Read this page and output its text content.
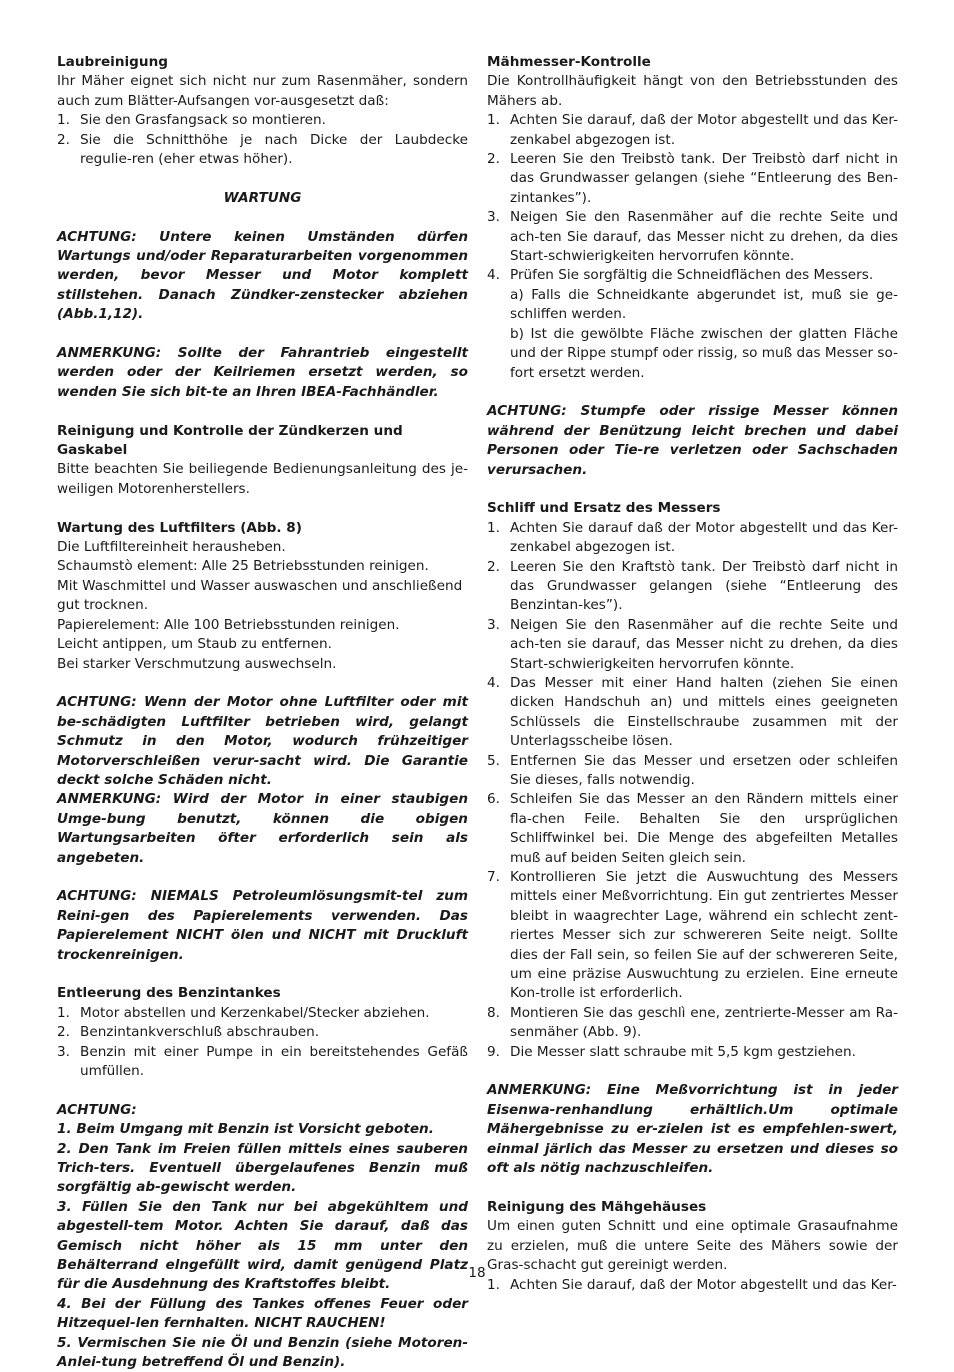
Laubreinigung

Ihr Mäher eignet sich nicht nur zum Rasenmäher, sondern auch zum Blätter-Aufsangen vor-ausgesetzt daß:

1. Sie den Grasfangsack so montieren.
2. Sie die Schnitthöhe je nach Dicke der Laubdecke regulie-ren (eher etwas höher).

WARTUNG

ACHTUNG: Untere keinen Umständen dürfen Wartungs und/oder Reparaturarbeiten vorgenommen werden, bevor Messer und Motor komplett stillstehen. Danach Zündker-zenstecker abziehen (Abb.1,12).

ANMERKUNG: Sollte der Fahrantrieb eingestellt werden oder der Keilriemen ersetzt werden, so wenden Sie sich bit-te an Ihren IBEA-Fachhändler.

Reinigung und Kontrolle der Zündkerzen und Gaskabel

Bitte beachten Sie beiliegende Bedienungsanleitung des je-weiligen Motorenherstellers.

Wartung des Luftfilters (Abb. 8)

Die Luftfiltereinheit herausheben.

Schaumstò element: Alle 25 Betriebsstunden reinigen.

Mit Waschmittel und Wasser auswaschen und anschließend gut trocknen.

Papierelement: Alle 100 Betriebsstunden reinigen.

Leicht antippen, um Staub zu entfernen.

Bei starker Verschmutzung auswechseln.

ACHTUNG: Wenn der Motor ohne Luftfilter oder mit be-schädigten Luftfilter betrieben wird, gelangt Schmutz in den Motor, wodurch frühzeitiger Motorverschleißen verur-sacht wird. Die Garantie deckt solche Schäden nicht.

ANMERKUNG: Wird der Motor in einer staubigen Umge-bung benutzt, können die obigen Wartungsarbeiten öfter erforderlich sein als angebeten.

ACHTUNG: NIEMALS Petroleumlösungsmit-tel zum Reini-gen des Papierelements verwenden. Das Papierelement NICHT ölen und NICHT mit Druckluft trockenreinigen.

Entleerung des Benzintankes

1. Motor abstellen und Kerzenkabel/Stecker abziehen.
2. Benzintankverschluß abschrauben.
3. Benzin mit einer Pumpe in ein bereitstehendes Gefäß umfüllen.

ACHTUNG:

1. Beim Umgang mit Benzin ist Vorsicht geboten.

2. Den Tank im Freien füllen mittels eines sauberen Trich-ters. Eventuell übergelaufenes Benzin muß sorgfältig ab-gewischt werden.

3. Füllen Sie den Tank nur bei abgekühltem und abgestell-tem Motor. Achten Sie darauf, daß das Gemisch nicht höher als 15 mm unter den Behälterrand elngefüllt wird, damit genügend Platz für die Ausdehnung des Kraftstoffes bleibt.

4. Bei der Füllung des Tankes offenes Feuer oder Hitzequel-len fernhalten. NICHT RAUCHEN!

5. Vermischen Sie nie Öl und Benzin (siehe Motoren-Anlei-tung betreffend Öl und Benzin).

Mähmesser-Kontrolle

Die Kontrollhäufigkeit hängt von den Betriebsstunden des Mähers ab.

1. Achten Sie darauf, daß der Motor abgestellt und das Ker-zenkabel abgezogen ist.
2. Leeren Sie den Treibstò tank. Der Treibstò darf nicht in das Grundwasser gelangen (siehe “Entleerung des Ben-zintankes”).
3. Neigen Sie den Rasenmäher auf die rechte Seite und ach-ten Sie darauf, das Messer nicht zu drehen, da dies Start-schwierigkeiten hervorrufen könnte.
4. Prüfen Sie sorgfältig die Schneidflächen des Messers.
a) Falls die Schneidkante abgerundet ist, muß sie ge-schliffen werden.
b) Ist die gewölbte Fläche zwischen der glatten Fläche und der Rippe stumpf oder rissig, so muß das Messer so-fort ersetzt werden.

ACHTUNG: Stumpfe oder rissige Messer können während der Benützung leicht brechen und dabei Personen oder Tie-re verletzen oder Sachschaden verursachen.

Schliff und Ersatz des Messers

1. Achten Sie darauf daß der Motor abgestellt und das Ker-zenkabel abgezogen ist.
2. Leeren Sie den Kraftstò tank. Der Treibstò darf nicht in das Grundwasser gelangen (siehe “Entleerung des Benzintan-kes”).
3. Neigen Sie den Rasenmäher auf die rechte Seite und ach-ten sie darauf, das Messer nicht zu drehen, da dies Start-schwierigkeiten hervorrufen könnte.
4. Das Messer mit einer Hand halten (ziehen Sie einen dicken Handschuh an) und mittels eines geeigneten Schlüssels die Einstellschraube zusammen mit der Unterlagsscheibe lösen.
5. Entfernen Sie das Messer und ersetzen oder schleifen Sie dieses, falls notwendig.
6. Schleifen Sie das Messer an den Rändern mittels einer fla-chen Feile. Behalten Sie den ursprüglichen Schliffwinkel bei. Die Menge des abgefeilten Metalles muß auf beiden Seiten gleich sein.
7. Kontrollieren Sie jetzt die Auswuchtung des Messers mittels einer Meßvorrichtung. Ein gut zentriertes Messer bleibt in waagrechter Lage, während ein schlecht zent-riertes Messer sich zur schwereren Seite neigt. Sollte dies der Fall sein, so feilen Sie auf der schwereren Seite, um eine präzise Auswuchtung zu erzielen. Eine erneute Kon-trolle ist erforderlich.
8. Montieren Sie das geschlì ene, zentrierte-Messer am Ra-senmäher (Abb. 9).
9. Die Messer slatt schraube mit 5,5 kgm gestziehen.

ANMERKUNG: Eine Meßvorrichtung ist in jeder Eisenwa-renhandlung erhältlich.Um optimale Mähergebnisse zu er-zielen ist es empfehlen-swert, einmal järlich das Messer zu ersetzen und dieses so oft als nötig nachzuschleifen.

Reinigung des Mähgehäuses

Um einen guten Schnitt und eine optimale Grasaufnahme zu erzielen, muß die untere Seite des Mähers sowie der Gras-schacht gut gereinigt werden.

1. Achten Sie darauf, daß der Motor abgestellt und das Ker-
18
